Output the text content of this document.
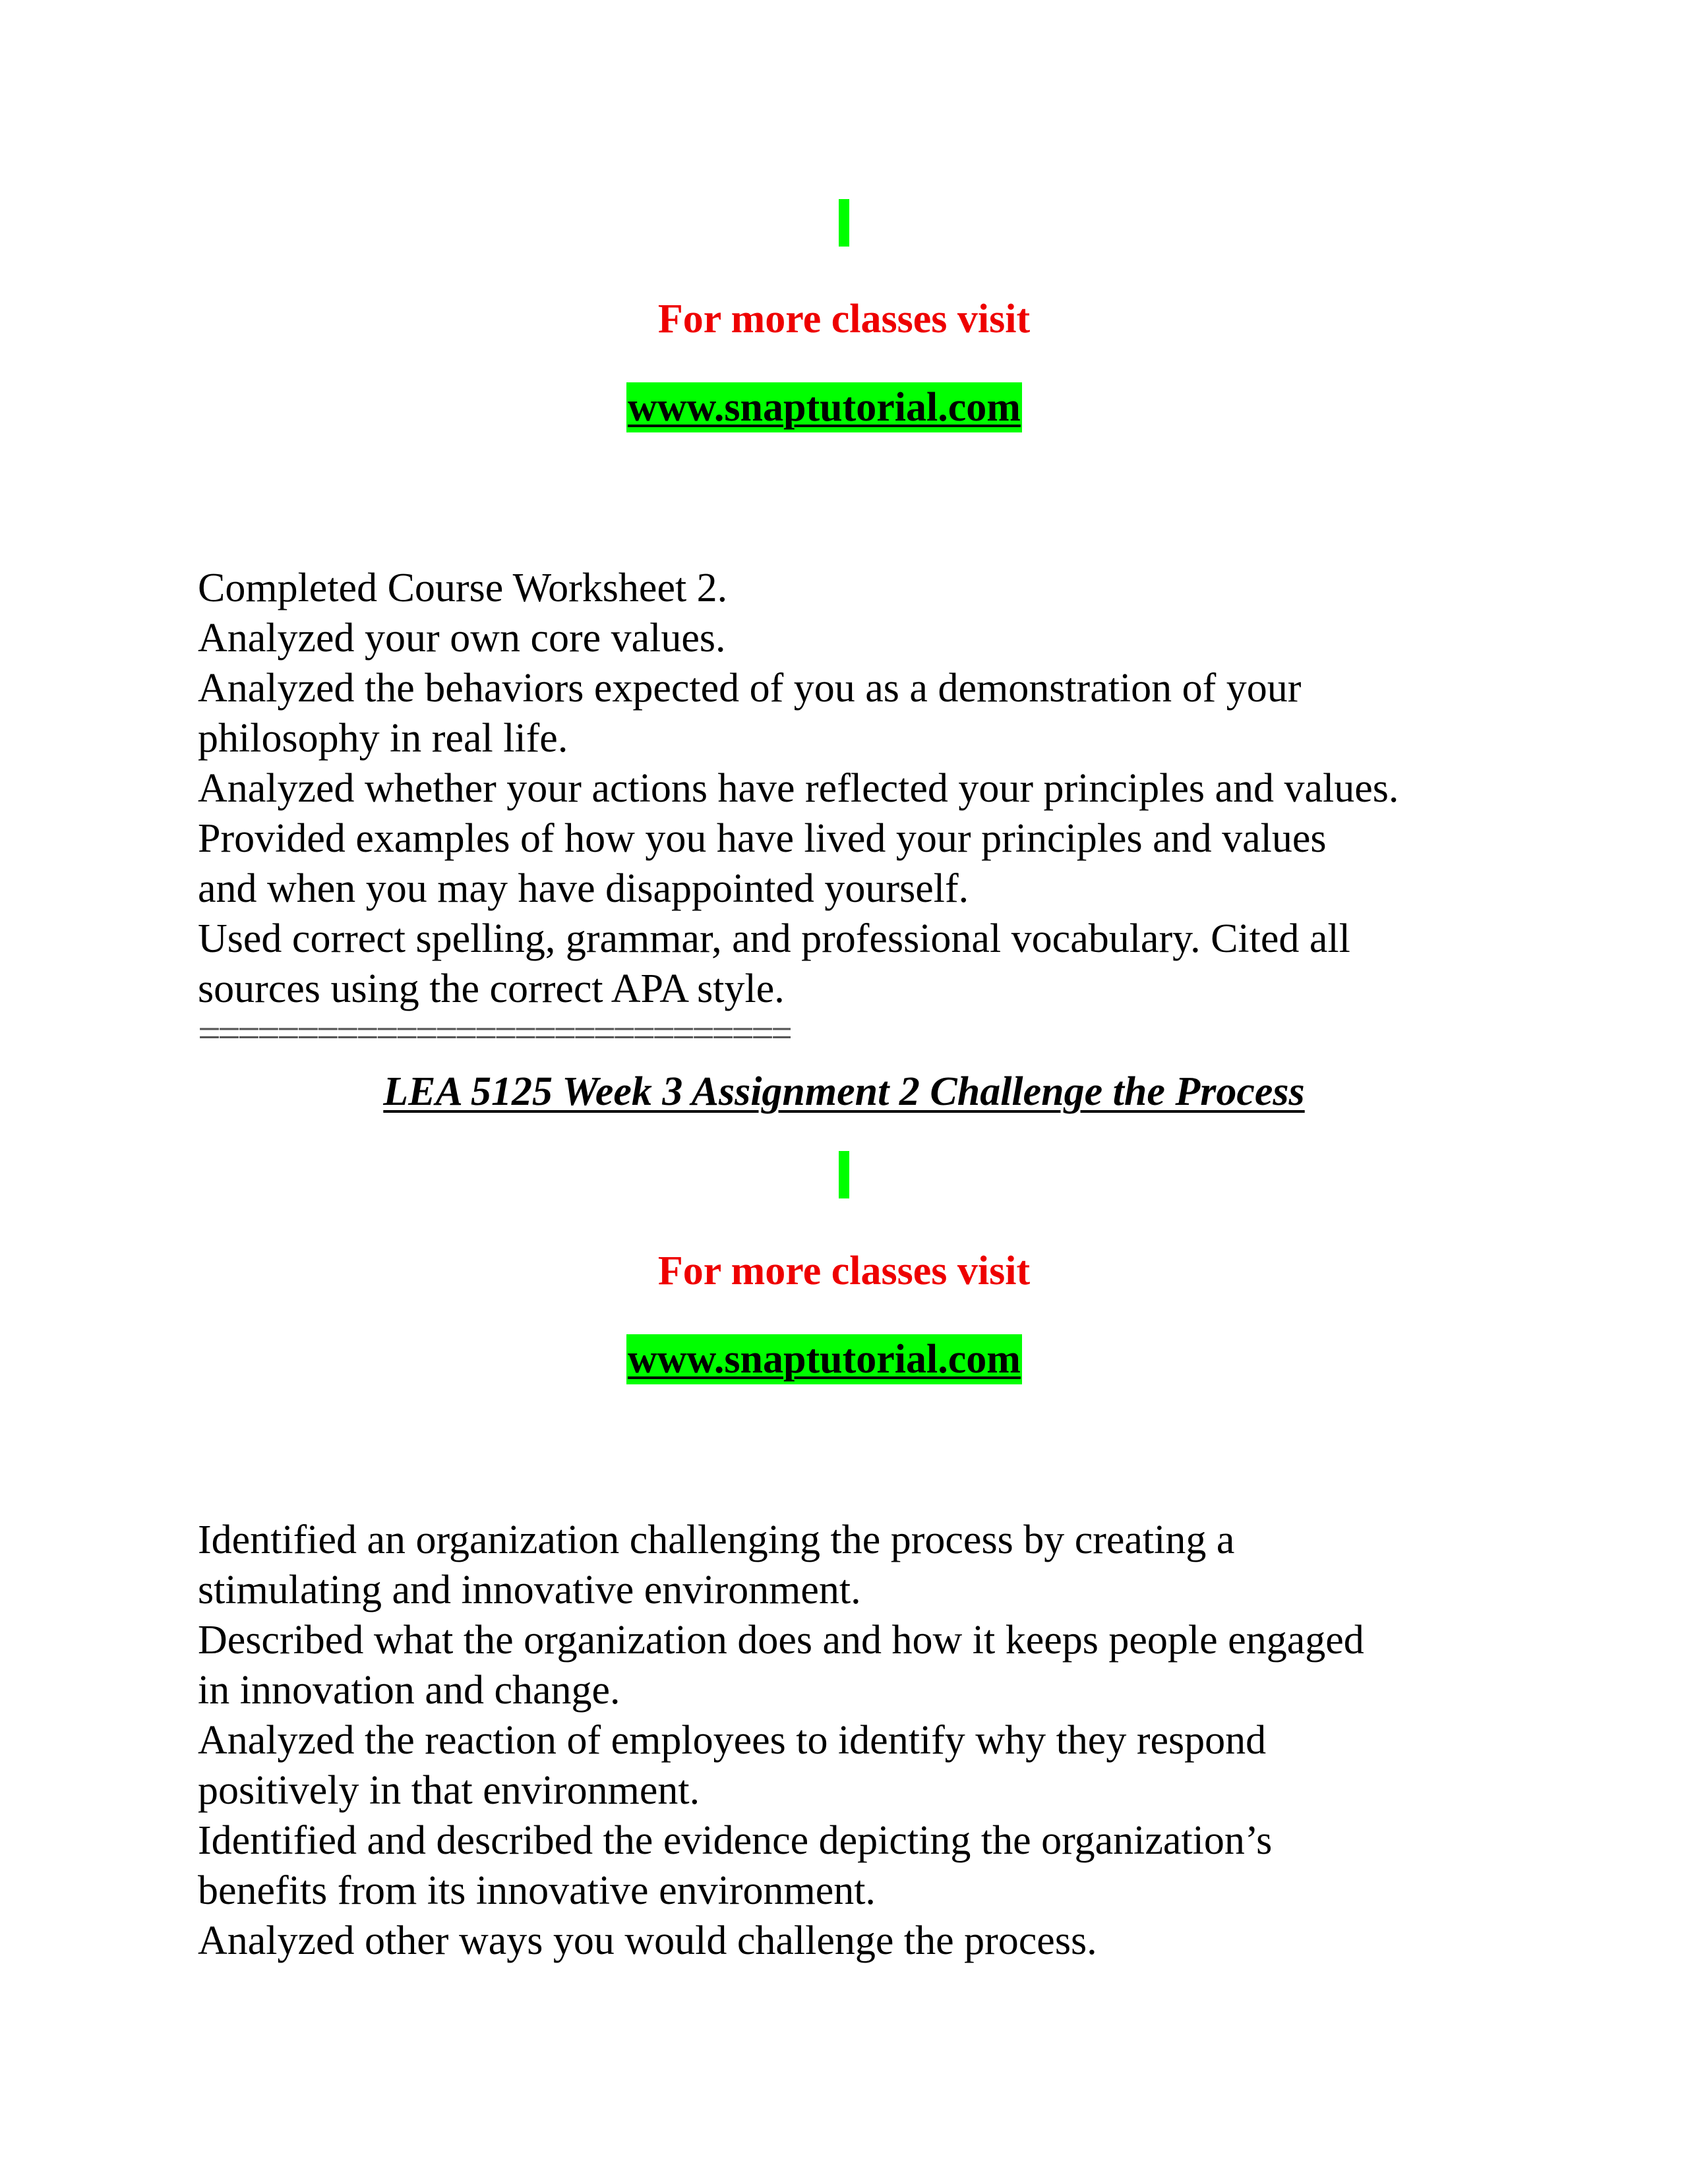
For more classes visit
www.snaptutorial.com
Completed Course Worksheet 2.
Analyzed your own core values.
Analyzed the behaviors expected of you as a demonstration of your
philosophy in real life.
Analyzed whether your actions have reflected your principles and values.
Provided examples of how you have lived your principles and values
and when you may have disappointed yourself.
Used correct spelling, grammar, and professional vocabulary. Cited all
sources using the correct APA style.
==============================
LEA 5125 Week 3 Assignment 2 Challenge the Process
For more classes visit
www.snaptutorial.com
Identified an organization challenging the process by creating a
stimulating and innovative environment.
Described what the organization does and how it keeps people engaged
in innovation and change.
Analyzed the reaction of employees to identify why they respond
positively in that environment.
Identified and described the evidence depicting the organization’s
benefits from its innovative environment.
Analyzed other ways you would challenge the process.
